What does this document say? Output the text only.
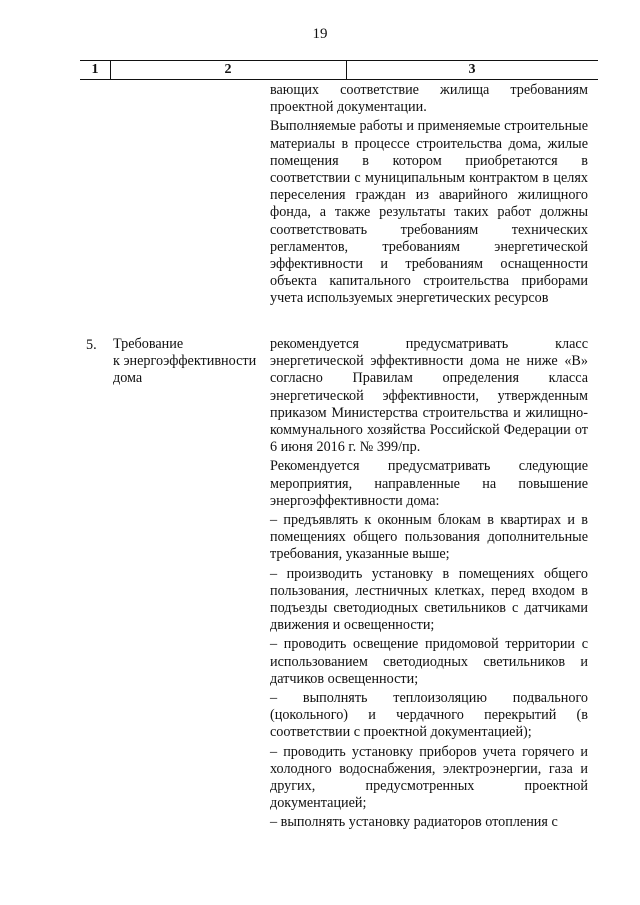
19
1	2	3

вающих соответствие жилища требованиям проектной документации.

Выполняемые работы и применяемые строительные материалы в процессе строительства дома, жилые помещения в котором приобретаются в соответствии с муниципальным контрактом в целях переселения граждан из аварийного жилищного фонда, а также результаты таких работ должны соответствовать требованиям технических регламентов, требованиям энергетической эффективности и требованиям оснащенности объекта капитального строительства приборами учета используемых энергетических ресурсов

5. Требование
к энергоэффективности
дома

рекомендуется предусматривать класс энергетической эффективности дома не ниже «В» согласно Правилам определения класса энергетической эффективности, утвержденным приказом Министерства строительства и жилищно-коммунального хозяйства Российской Федерации от 6 июня 2016 г. № 399/пр.

Рекомендуется предусматривать следующие мероприятия, направленные на повышение энергоэффективности дома:

– предъявлять к оконным блокам в квартирах и в помещениях общего пользования дополнительные требования, указанные выше;

– производить установку в помещениях общего пользования, лестничных клетках, перед входом в подъезды светодиодных светильников с датчиками движения и освещенности;

– проводить освещение придомовой территории с использованием светодиодных светильников и датчиков освещенности;

– выполнять теплоизоляцию подвального (цокольного) и чердачного перекрытий (в соответствии с проектной документацией);

– проводить установку приборов учета горячего и холодного водоснабжения, электроэнергии, газа и других, предусмотренных проектной документацией;

– выполнять установку радиаторов отопления с
